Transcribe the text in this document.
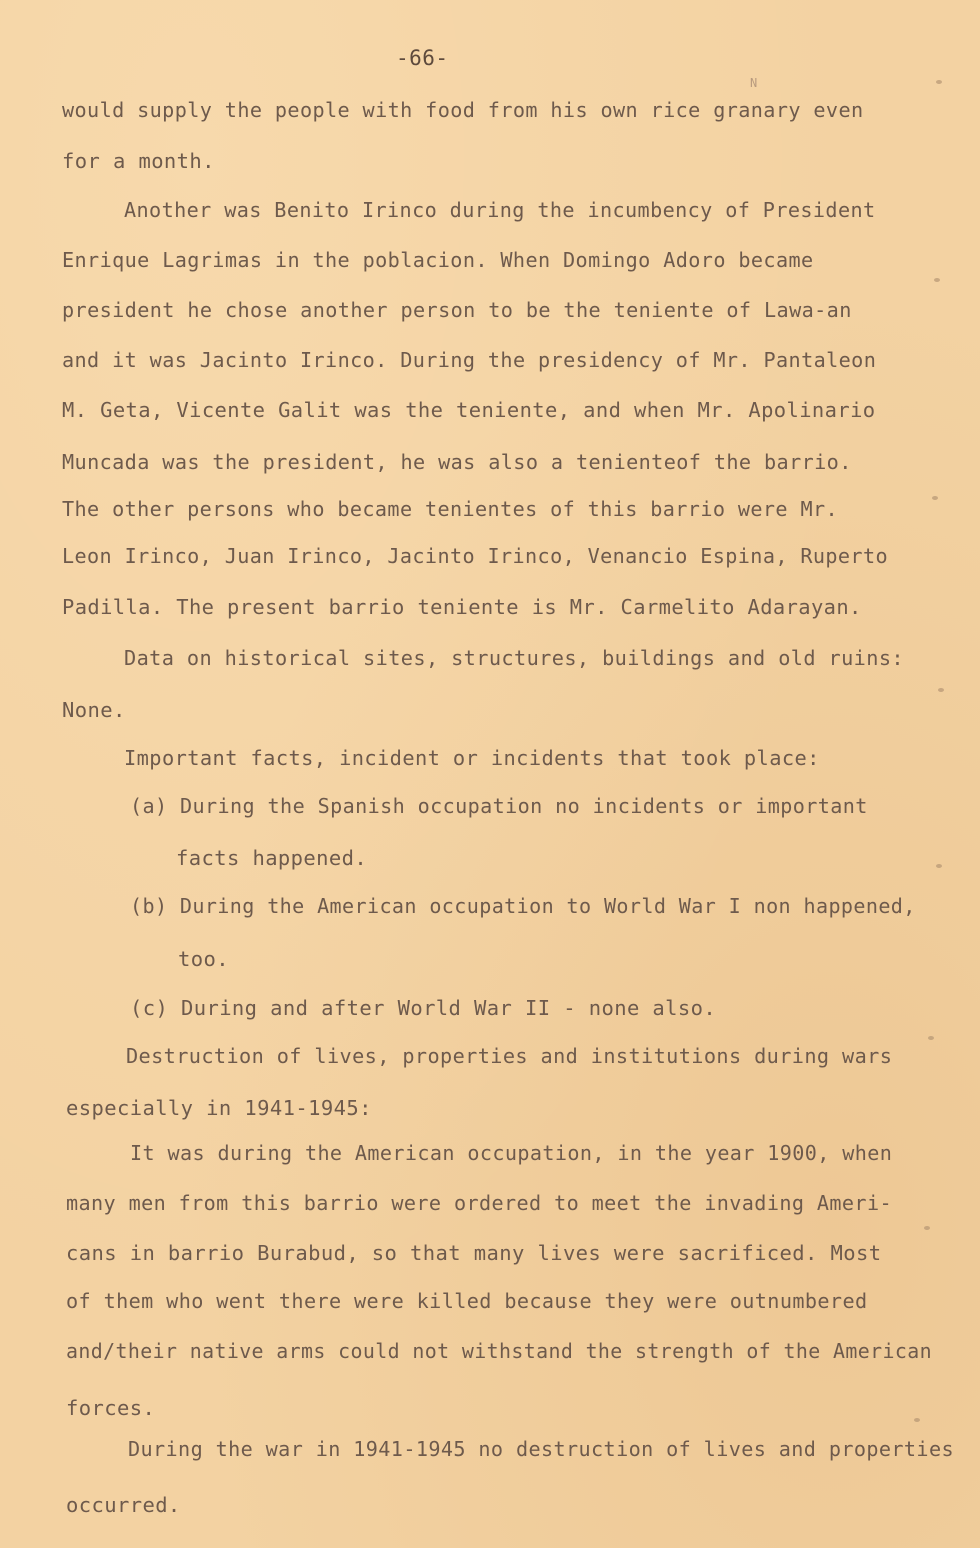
-66-
N
would supply the people with food from his own rice granary even
for a month.
Another was Benito Irinco during the incumbency of President
Enrique Lagrimas in the poblacion. When Domingo Adoro became
president he chose another person to be the teniente of Lawa-an
and it was Jacinto Irinco. During the presidency of Mr. Pantaleon
M. Geta, Vicente Galit was the teniente, and when Mr. Apolinario
Muncada was the president, he was also a tenienteof the barrio.
The other persons who became tenientes of this barrio were Mr.
Leon Irinco, Juan Irinco, Jacinto Irinco, Venancio Espina, Ruperto
Padilla. The present barrio teniente is Mr. Carmelito Adarayan.
Data on historical sites, structures, buildings and old ruins:
None.
Important facts, incident or incidents that took place:
(a) During the Spanish occupation no incidents or important
facts happened.
(b) During the American occupation to World War I non happened,
too.
(c) During and after World War II - none also.
Destruction of lives, properties and institutions during wars
especially in 1941-1945:
It was during the American occupation, in the year 1900, when
many men from this barrio were ordered to meet the invading Ameri-
cans in barrio Burabud, so that many lives were sacrificed. Most
of them who went there were killed because they were outnumbered
and/their native arms could not withstand the strength of the American
forces.
During the war in 1941-1945 no destruction of lives and properties
occurred.
